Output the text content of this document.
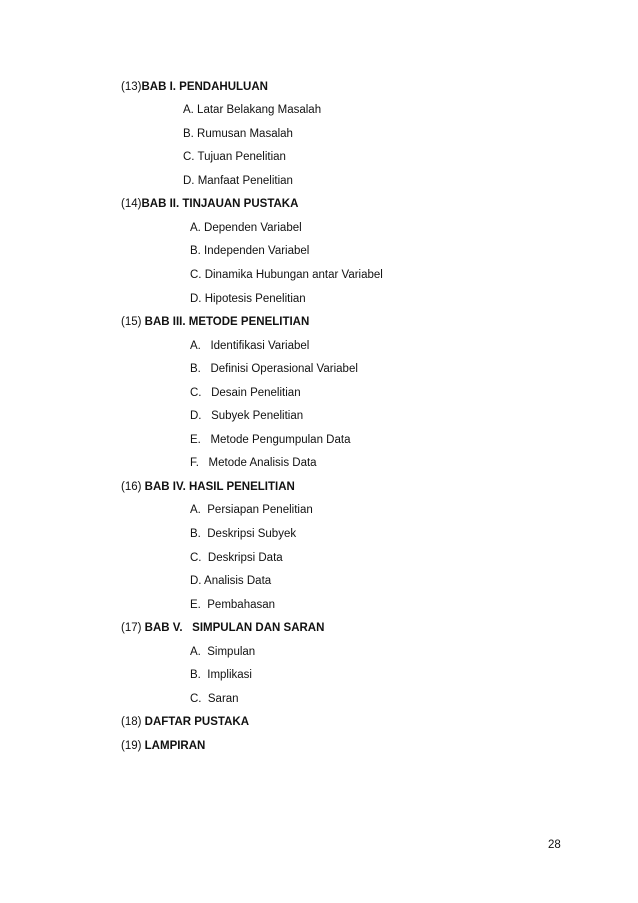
(13)BAB I. PENDAHULUAN
A. Latar Belakang Masalah
B. Rumusan Masalah
C. Tujuan Penelitian
D. Manfaat Penelitian
(14)BAB II. TINJAUAN PUSTAKA
A. Dependen Variabel
B. Independen Variabel
C. Dinamika Hubungan antar Variabel
D. Hipotesis Penelitian
(15) BAB III. METODE PENELITIAN
A.   Identifikasi Variabel
B.   Definisi Operasional Variabel
C.   Desain Penelitian
D.   Subyek Penelitian
E.   Metode Pengumpulan Data
F.   Metode Analisis Data
(16) BAB IV. HASIL PENELITIAN
A.  Persiapan Penelitian
B.  Deskripsi Subyek
C.  Deskripsi Data
D. Analisis Data
E.  Pembahasan
(17) BAB V.   SIMPULAN DAN SARAN
A.  Simpulan
B.  Implikasi
C.  Saran
(18) DAFTAR PUSTAKA
(19) LAMPIRAN
28
